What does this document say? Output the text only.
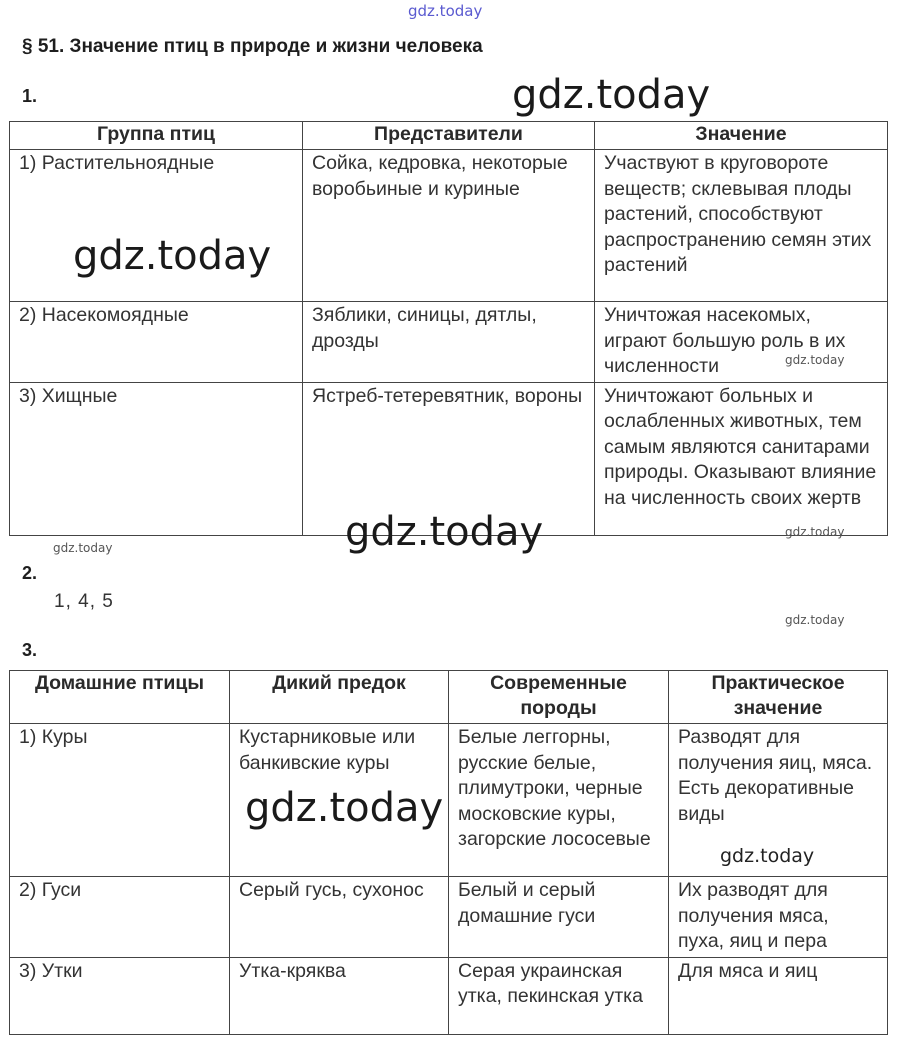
gdz.today
§ 51. Значение птиц в природе и жизни человека
1.
Группа птиц	Представители	Значение
1) Растительноядные	Сойка, кедровка, некоторые воробьиные и куриные	Участвуют в круговороте веществ; склевывая плоды растений, способствуют распространению семян этих растений
2) Насекомоядные	Зяблики, синицы, дятлы, дрозды	Уничтожая насекомых, играют большую роль в их численности
3) Хищные	Ястреб-тетеревятник, вороны	Уничтожают больных и ослабленных животных, тем самым являются санитарами природы. Оказывают влияние на численность своих жертв
2.
1, 4, 5
3.
Домашние птицы	Дикий предок	Современные породы	Практическое значение
1) Куры	Кустарниковые или банкивские куры	Белые леггорны, русские белые, плимутроки, черные московские куры, загорские лососевые	Разводят для получения яиц, мяса. Есть декоративные виды
2) Гуси	Серый гусь, сухонос	Белый и серый домашние гуси	Их разводят для получения мяса, пуха, яиц и пера
3) Утки	Утка-кряква	Серая украинская утка, пекинская утка	Для мяса и яиц
gdz.today
gdz.today
gdz.today
gdz.today	gdz.today
gdz.today
gdz.today
gdz.today
gdz.today
